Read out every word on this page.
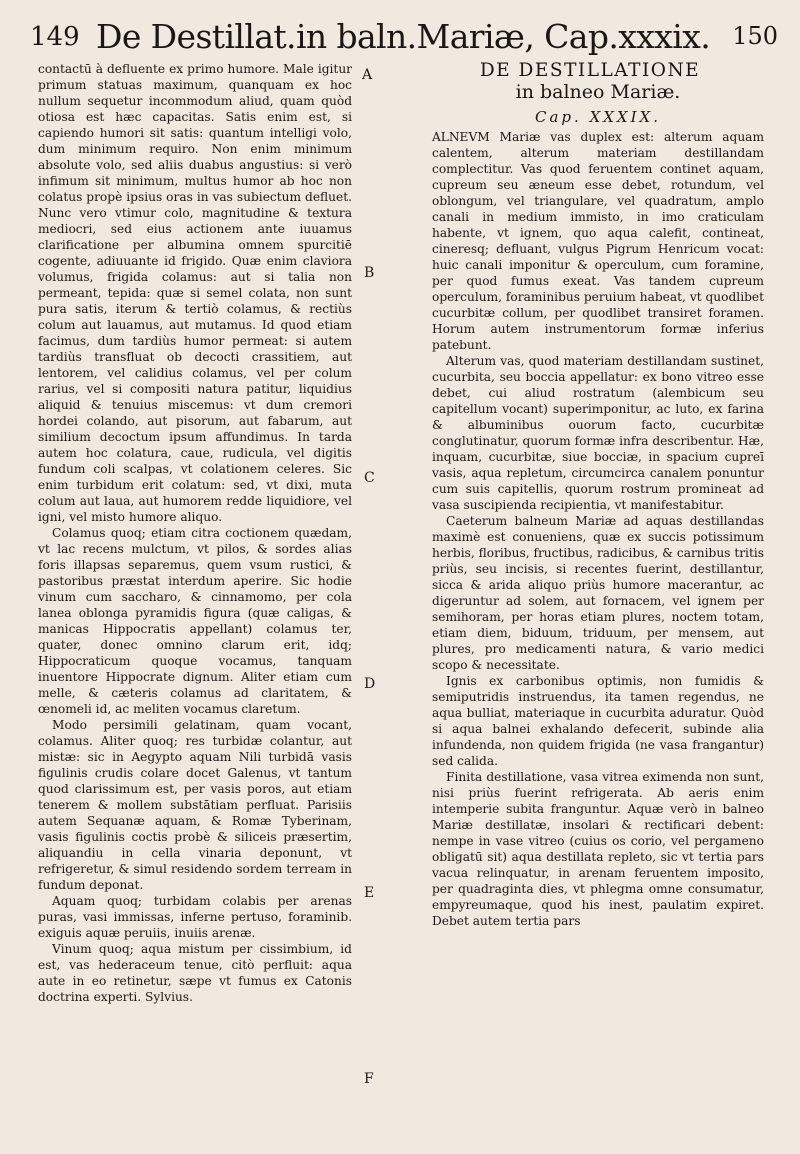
149 De Destillat.in baln.Mariæ, Cap.xxxix. 150
A
B
C
D
E
F

contactū à defluente ex primo humore. Male igitur primum statuas maximum, quanquam ex hoc nullum sequetur incommodum aliud, quam quòd otiosa est hæc capacitas. Satis enim est, si capiendo humori sit satis: quantum intelligi volo, dum minimum requiro. Non enim minimum absolute volo, sed aliis duabus angustius: si verò infimum sit minimum, multus humor ab hoc non colatus propè ipsius oras in vas subiectum defluet. Nunc vero vtimur colo, magnitudine & textura mediocri, sed eius actionem ante iuuamus clarificatione per albumina omnem spurcitiē cogente, adiuuante id frigido. Quæ enim claviora volumus, frigida colamus: aut si talia non permeant, tepida: quæ si semel colata, non sunt pura satis, iterum & tertiò colamus, & rectiùs colum aut lauamus, aut mutamus. Id quod etiam facimus, dum tardiùs humor permeat: si autem tardiùs transfluat ob decocti crassitiem, aut lentorem, vel calidius colamus, vel per colum rarius, vel si compositi natura patitur, liquidius aliquid & tenuius miscemus: vt dum cremori hordei colando, aut pisorum, aut fabarum, aut similium decoctum ipsum affundimus. In tarda autem hoc colatura, caue, rudicula, vel digitis fundum coli scalpas, vt colationem celeres. Sic enim turbidum erit colatum: sed, vt dixi, muta colum aut laua, aut humorem redde liquidiore, vel igni, vel misto humore aliquo.

Colamus quoq; etiam citra coctionem quædam, vt lac recens mulctum, vt pilos, & sordes alias foris illapsas separemus, quem vsum rustici, & pastoribus præstat interdum aperire. Sic hodie vinum cum saccharo, & cinnamomo, per cola lanea oblonga pyramidis figura (quæ caligas, & manicas Hippocratis appellant) colamus ter, quater, donec omnino clarum erit, idq; Hippocraticum quoque vocamus, tanquam inuentore Hippocrate dignum. Aliter etiam cum melle, & cæteris colamus ad claritatem, & œnomeli id, ac meliten vocamus claretum.

Modo persimili gelatinam, quam vocant, colamus. Aliter quoq; res turbidæ colantur, aut mistæ: sic in Aegypto aquam Nili turbidā vasis figulinis crudis colare docet Galenus, vt tantum quod clarissimum est, per vasis poros, aut etiam tenerem & mollem substātiam perfluat. Parisiis autem Sequanæ aquam, & Romæ Tyberinam, vasis figulinis coctis probè & siliceis præsertim, aliquandiu in cella vinaria deponunt, vt refrigeretur, & simul residendo sordem terream in fundum deponat.

Aquam quoq; turbidam colabis per arenas puras, vasi immissas, inferne pertuso, foraminib. exiguis aquæ peruiis, inuiis arenæ.

Vinum quoq; aqua mistum per cissimbium, id est, vas hederaceum tenue, citò perfluit: aqua aute in eo retinetur, sæpe vt fumus ex Catonis doctrina experti. Sylvius.

DE DESTILLATIONE
in balneo Mariæ.
Cap. XXXIX.

ALNEVM Mariæ vas duplex est: alterum aquam calentem, alterum materiam destillandam complectitur. Vas quod feruentem continet aquam, cupreum seu æneum esse debet, rotundum, vel oblongum, vel triangulare, vel quadratum, amplo canali in medium immisto, in imo craticulam habente, vt ignem, quo aqua calefit, contineat, cineresq; defluant, vulgus Pigrum Henricum vocat: huic canali imponitur & operculum, cum foramine, per quod fumus exeat. Vas tandem cupreum operculum, foraminibus peruium habeat, vt quodlibet cucurbitæ collum, per quodlibet transiret foramen. Horum autem instrumentorum formæ inferius patebunt.

Alterum vas, quod materiam destillandam sustinet, cucurbita, seu boccia appellatur: ex bono vitreo esse debet, cui aliud rostratum (alembicum seu capitellum vocant) superimponitur, ac luto, ex farina & albuminibus ouorum facto, cucurbitæ conglutinatur, quorum formæ infra describentur. Hæ, inquam, cucurbitæ, siue bocciæ, in spacium cupreī vasis, aqua repletum, circumcirca canalem ponuntur cum suis capitellis, quorum rostrum promineat ad vasa suscipienda recipientia, vt manifestabitur.

Caeterum balneum Mariæ ad aquas destillandas maximè est conueniens, quæ ex succis potissimum herbis, floribus, fructibus, radicibus, & carnibus tritis priùs, seu incisis, si recentes fuerint, destillantur, sicca & arida aliquo priùs humore macerantur, ac digeruntur ad solem, aut fornacem, vel ignem per semihoram, per horas etiam plures, noctem totam, etiam diem, biduum, triduum, per mensem, aut plures, pro medicamenti natura, & vario medici scopo & necessitate.

Ignis ex carbonibus optimis, non fumidis & semiputridis instruendus, ita tamen regendus, ne aqua bulliat, materiaque in cucurbita aduratur. Quòd si aqua balnei exhalando defecerit, subinde alia infundenda, non quidem frigida (ne vasa frangantur) sed calida.

Finita destillatione, vasa vitrea eximenda non sunt, nisi priùs fuerint refrigerata. Ab aeris enim intemperie subita franguntur. Aquæ verò in balneo Mariæ destillatæ, insolari & rectificari debent: nempe in vase vitreo (cuius os corio, vel pergameno obligatū sit) aqua destillata repleto, sic vt tertia pars vacua relinquatur, in arenam feruentem imposito, per quadraginta dies, vt phlegma omne consumatur, empyreumaque, quod his inest, paulatim expiret. Debet autem tertia pars
